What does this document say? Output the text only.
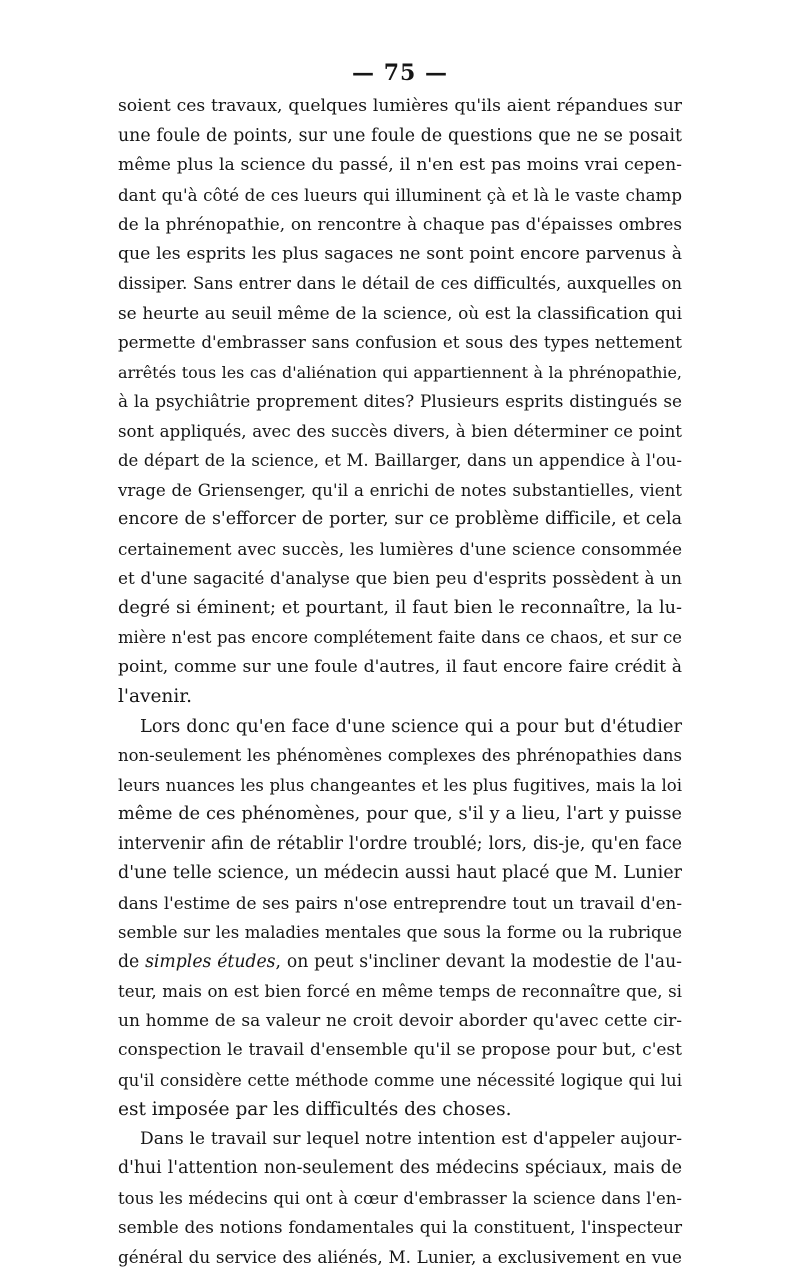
— 75 —
soient ces travaux, quelques lumières qu'ils aient répandues sur
une foule de points, sur une foule de questions que ne se posait
même plus la science du passé, il n'en est pas moins vrai cepen-
dant qu'à côté de ces lueurs qui illuminent çà et là le vaste champ
de la phrénopathie, on rencontre à chaque pas d'épaisses ombres
que les esprits les plus sagaces ne sont point encore parvenus à
dissiper. Sans entrer dans le détail de ces difficultés, auxquelles on
se heurte au seuil même de la science, où est la classification qui
permette d'embrasser sans confusion et sous des types nettement
arrêtés tous les cas d'aliénation qui appartiennent à la phrénopathie,
à la psychiâtrie proprement dites? Plusieurs esprits distingués se
sont appliqués, avec des succès divers, à bien déterminer ce point
de départ de la science, et M. Baillarger, dans un appendice à l'ou-
vrage de Griensenger, qu'il a enrichi de notes substantielles, vient
encore de s'efforcer de porter, sur ce problème difficile, et cela
certainement avec succès, les lumières d'une science consommée
et d'une sagacité d'analyse que bien peu d'esprits possèdent à un
degré si éminent; et pourtant, il faut bien le reconnaître, la lu-
mière n'est pas encore complétement faite dans ce chaos, et sur ce
point, comme sur une foule d'autres, il faut encore faire crédit à
l'avenir.
Lors donc qu'en face d'une science qui a pour but d'étudier
non-seulement les phénomènes complexes des phrénopathies dans
leurs nuances les plus changeantes et les plus fugitives, mais la loi
même de ces phénomènes, pour que, s'il y a lieu, l'art y puisse
intervenir afin de rétablir l'ordre troublé; lors, dis-je, qu'en face
d'une telle science, un médecin aussi haut placé que M. Lunier
dans l'estime de ses pairs n'ose entreprendre tout un travail d'en-
semble sur les maladies mentales que sous la forme ou la rubrique
de simples études, on peut s'incliner devant la modestie de l'au-
teur, mais on est bien forcé en même temps de reconnaître que, si
un homme de sa valeur ne croit devoir aborder qu'avec cette cir-
conspection le travail d'ensemble qu'il se propose pour but, c'est
qu'il considère cette méthode comme une nécessité logique qui lui
est imposée par les difficultés des choses.
Dans le travail sur lequel notre intention est d'appeler aujour-
d'hui l'attention non-seulement des médecins spéciaux, mais de
tous les médecins qui ont à cœur d'embrasser la science dans l'en-
semble des notions fondamentales qui la constituent, l'inspecteur
général du service des aliénés, M. Lunier, a exclusivement en vue
